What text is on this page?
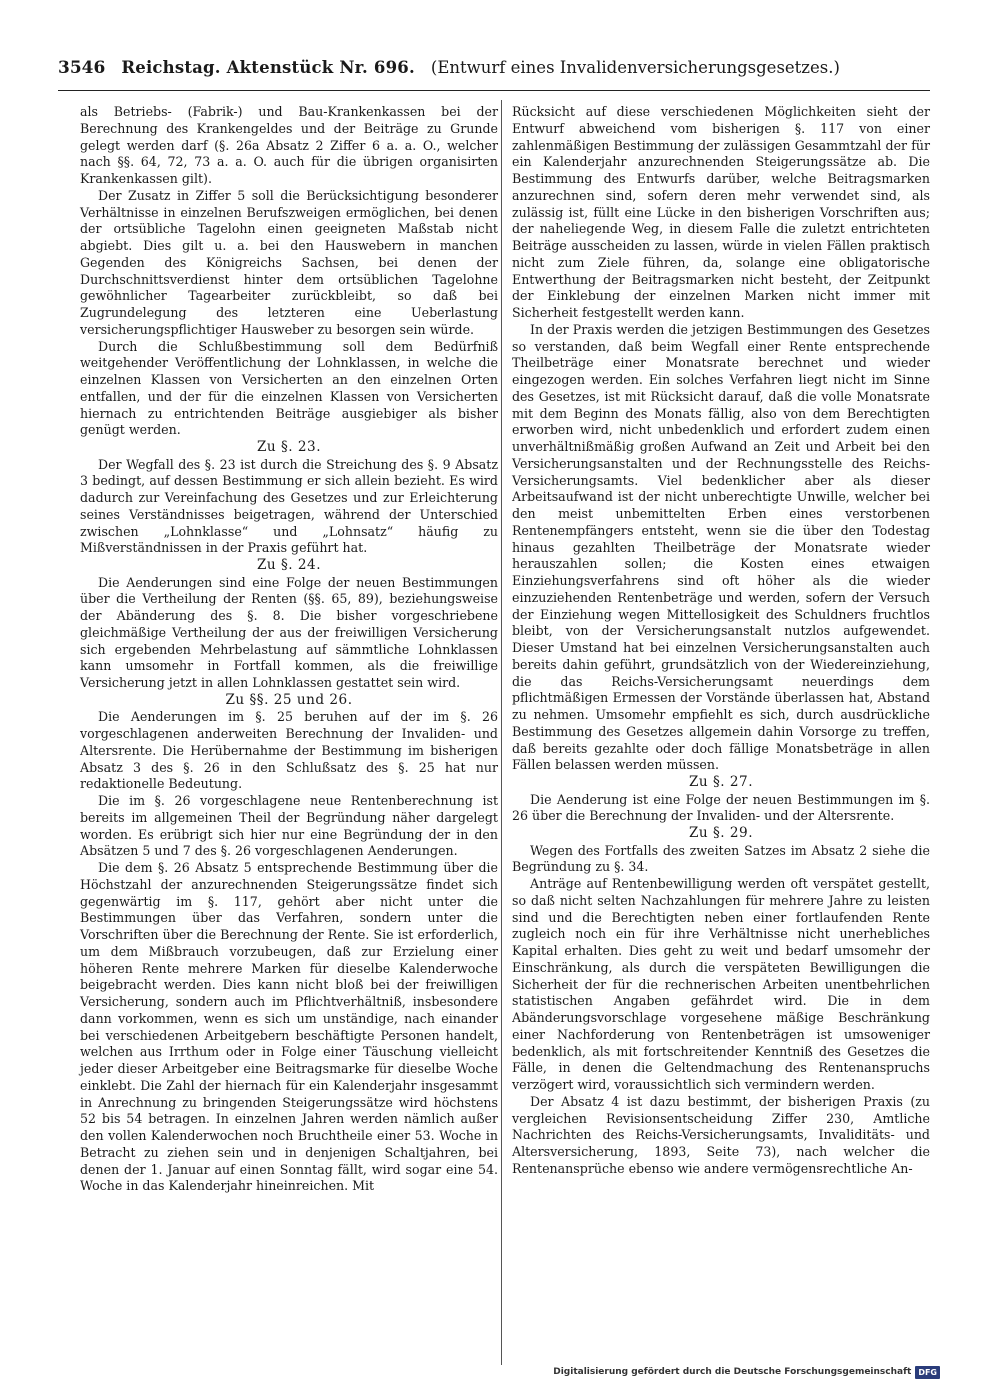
3546 Reichstag. Aktenstück Nr. 696. (Entwurf eines Invalidenversicherungsgesetzes.)

als Betriebs- (Fabrik-) und Bau-Krankenkassen bei der Berechnung des Krankengeldes und der Beiträge zu Grunde gelegt werden darf (§. 26a Absatz 2 Ziffer 6 a. a. O., welcher nach §§. 64, 72, 73 a. a. O. auch für die übrigen organisirten Krankenkassen gilt).

Der Zusatz in Ziffer 5 soll die Berücksichtigung besonderer Verhältnisse in einzelnen Berufszweigen ermöglichen, bei denen der ortsübliche Tagelohn einen geeigneten Maßstab nicht abgiebt. Dies gilt u. a. bei den Hauswebern in manchen Gegenden des Königreichs Sachsen, bei denen der Durchschnittsverdienst hinter dem ortsüblichen Tagelohne gewöhnlicher Tagearbeiter zurückbleibt, so daß bei Zugrundelegung des letzteren eine Ueberlastung versicherungspflichtiger Hausweber zu besorgen sein würde.

Durch die Schlußbestimmung soll dem Bedürfniß weitgehender Veröffentlichung der Lohnklassen, in welche die einzelnen Klassen von Versicherten an den einzelnen Orten entfallen, und der für die einzelnen Klassen von Versicherten hiernach zu entrichtenden Beiträge ausgiebiger als bisher genügt werden.

Zu §. 23.

Der Wegfall des §. 23 ist durch die Streichung des §. 9 Absatz 3 bedingt, auf dessen Bestimmung er sich allein bezieht. Es wird dadurch zur Vereinfachung des Gesetzes und zur Erleichterung seines Verständnisses beigetragen, während der Unterschied zwischen „Lohnklasse“ und „Lohnsatz“ häufig zu Mißverständnissen in der Praxis geführt hat.

Zu §. 24.

Die Aenderungen sind eine Folge der neuen Bestimmungen über die Vertheilung der Renten (§§. 65, 89), beziehungsweise der Abänderung des §. 8. Die bisher vorgeschriebene gleichmäßige Vertheilung der aus der freiwilligen Versicherung sich ergebenden Mehrbelastung auf sämmtliche Lohnklassen kann umsomehr in Fortfall kommen, als die freiwillige Versicherung jetzt in allen Lohnklassen gestattet sein wird.

Zu §§. 25 und 26.

Die Aenderungen im §. 25 beruhen auf der im §. 26 vorgeschlagenen anderweiten Berechnung der Invaliden- und Altersrente. Die Herübernahme der Bestimmung im bisherigen Absatz 3 des §. 26 in den Schlußsatz des §. 25 hat nur redaktionelle Bedeutung.

Die im §. 26 vorgeschlagene neue Rentenberechnung ist bereits im allgemeinen Theil der Begründung näher dargelegt worden. Es erübrigt sich hier nur eine Begründung der in den Absätzen 5 und 7 des §. 26 vorgeschlagenen Aenderungen.

Die dem §. 26 Absatz 5 entsprechende Bestimmung über die Höchstzahl der anzurechnenden Steigerungssätze findet sich gegenwärtig im §. 117, gehört aber nicht unter die Bestimmungen über das Verfahren, sondern unter die Vorschriften über die Berechnung der Rente. Sie ist erforderlich, um dem Mißbrauch vorzubeugen, daß zur Erzielung einer höheren Rente mehrere Marken für dieselbe Kalenderwoche beigebracht werden. Dies kann nicht bloß bei der freiwilligen Versicherung, sondern auch im Pflichtverhältniß, insbesondere dann vorkommen, wenn es sich um unständige, nach einander bei verschiedenen Arbeitgebern beschäftigte Personen handelt, welchen aus Irrthum oder in Folge einer Täuschung vielleicht jeder dieser Arbeitgeber eine Beitragsmarke für dieselbe Woche einklebt. Die Zahl der hiernach für ein Kalenderjahr insgesammt in Anrechnung zu bringenden Steigerungssätze wird höchstens 52 bis 54 betragen. In einzelnen Jahren werden nämlich außer den vollen Kalenderwochen noch Bruchtheile einer 53. Woche in Betracht zu ziehen sein und in denjenigen Schaltjahren, bei denen der 1. Januar auf einen Sonntag fällt, wird sogar eine 54. Woche in das Kalenderjahr hineinreichen. Mit

Rücksicht auf diese verschiedenen Möglichkeiten sieht der Entwurf abweichend vom bisherigen §. 117 von einer zahlenmäßigen Bestimmung der zulässigen Gesammtzahl der für ein Kalenderjahr anzurechnenden Steigerungssätze ab. Die Bestimmung des Entwurfs darüber, welche Beitragsmarken anzurechnen sind, sofern deren mehr verwendet sind, als zulässig ist, füllt eine Lücke in den bisherigen Vorschriften aus; der naheliegende Weg, in diesem Falle die zuletzt entrichteten Beiträge ausscheiden zu lassen, würde in vielen Fällen praktisch nicht zum Ziele führen, da, solange eine obligatorische Entwerthung der Beitragsmarken nicht besteht, der Zeitpunkt der Einklebung der einzelnen Marken nicht immer mit Sicherheit festgestellt werden kann.

In der Praxis werden die jetzigen Bestimmungen des Gesetzes so verstanden, daß beim Wegfall einer Rente entsprechende Theilbeträge einer Monatsrate berechnet und wieder eingezogen werden. Ein solches Verfahren liegt nicht im Sinne des Gesetzes, ist mit Rücksicht darauf, daß die volle Monatsrate mit dem Beginn des Monats fällig, also von dem Berechtigten erworben wird, nicht unbedenklich und erfordert zudem einen unverhältnißmäßig großen Aufwand an Zeit und Arbeit bei den Versicherungsanstalten und der Rechnungsstelle des Reichs-Versicherungsamts. Viel bedenklicher aber als dieser Arbeitsaufwand ist der nicht unberechtigte Unwille, welcher bei den meist unbemittelten Erben eines verstorbenen Rentenempfängers entsteht, wenn sie die über den Todestag hinaus gezahlten Theilbeträge der Monatsrate wieder herauszahlen sollen; die Kosten eines etwaigen Einziehungsverfahrens sind oft höher als die wieder einzuziehenden Rentenbeträge und werden, sofern der Versuch der Einziehung wegen Mittellosigkeit des Schuldners fruchtlos bleibt, von der Versicherungsanstalt nutzlos aufgewendet. Dieser Umstand hat bei einzelnen Versicherungsanstalten auch bereits dahin geführt, grundsätzlich von der Wiedereinziehung, die das Reichs-Versicherungsamt neuerdings dem pflichtmäßigen Ermessen der Vorstände überlassen hat, Abstand zu nehmen. Umsomehr empfiehlt es sich, durch ausdrückliche Bestimmung des Gesetzes allgemein dahin Vorsorge zu treffen, daß bereits gezahlte oder doch fällige Monatsbeträge in allen Fällen belassen werden müssen.

Zu §. 27.

Die Aenderung ist eine Folge der neuen Bestimmungen im §. 26 über die Berechnung der Invaliden- und der Altersrente.

Zu §. 29.

Wegen des Fortfalls des zweiten Satzes im Absatz 2 siehe die Begründung zu §. 34.

Anträge auf Rentenbewilligung werden oft verspätet gestellt, so daß nicht selten Nachzahlungen für mehrere Jahre zu leisten sind und die Berechtigten neben einer fortlaufenden Rente zugleich noch ein für ihre Verhältnisse nicht unerhebliches Kapital erhalten. Dies geht zu weit und bedarf umsomehr der Einschränkung, als durch die verspäteten Bewilligungen die Sicherheit der für die rechnerischen Arbeiten unentbehrlichen statistischen Angaben gefährdet wird. Die in dem Abänderungsvorschlage vorgesehene mäßige Beschränkung einer Nachforderung von Rentenbeträgen ist umsoweniger bedenklich, als mit fortschreitender Kenntniß des Gesetzes die Fälle, in denen die Geltendmachung des Rentenanspruchs verzögert wird, voraussichtlich sich vermindern werden.

Der Absatz 4 ist dazu bestimmt, der bisherigen Praxis (zu vergleichen Revisionsentscheidung Ziffer 230, Amtliche Nachrichten des Reichs-Versicherungsamts, Invaliditäts- und Altersversicherung, 1893, Seite 73), nach welcher die Rentenansprüche ebenso wie andere vermögensrechtliche An-

Digitalisierung gefördert durch die Deutsche Forschungsgemeinschaft DFG
